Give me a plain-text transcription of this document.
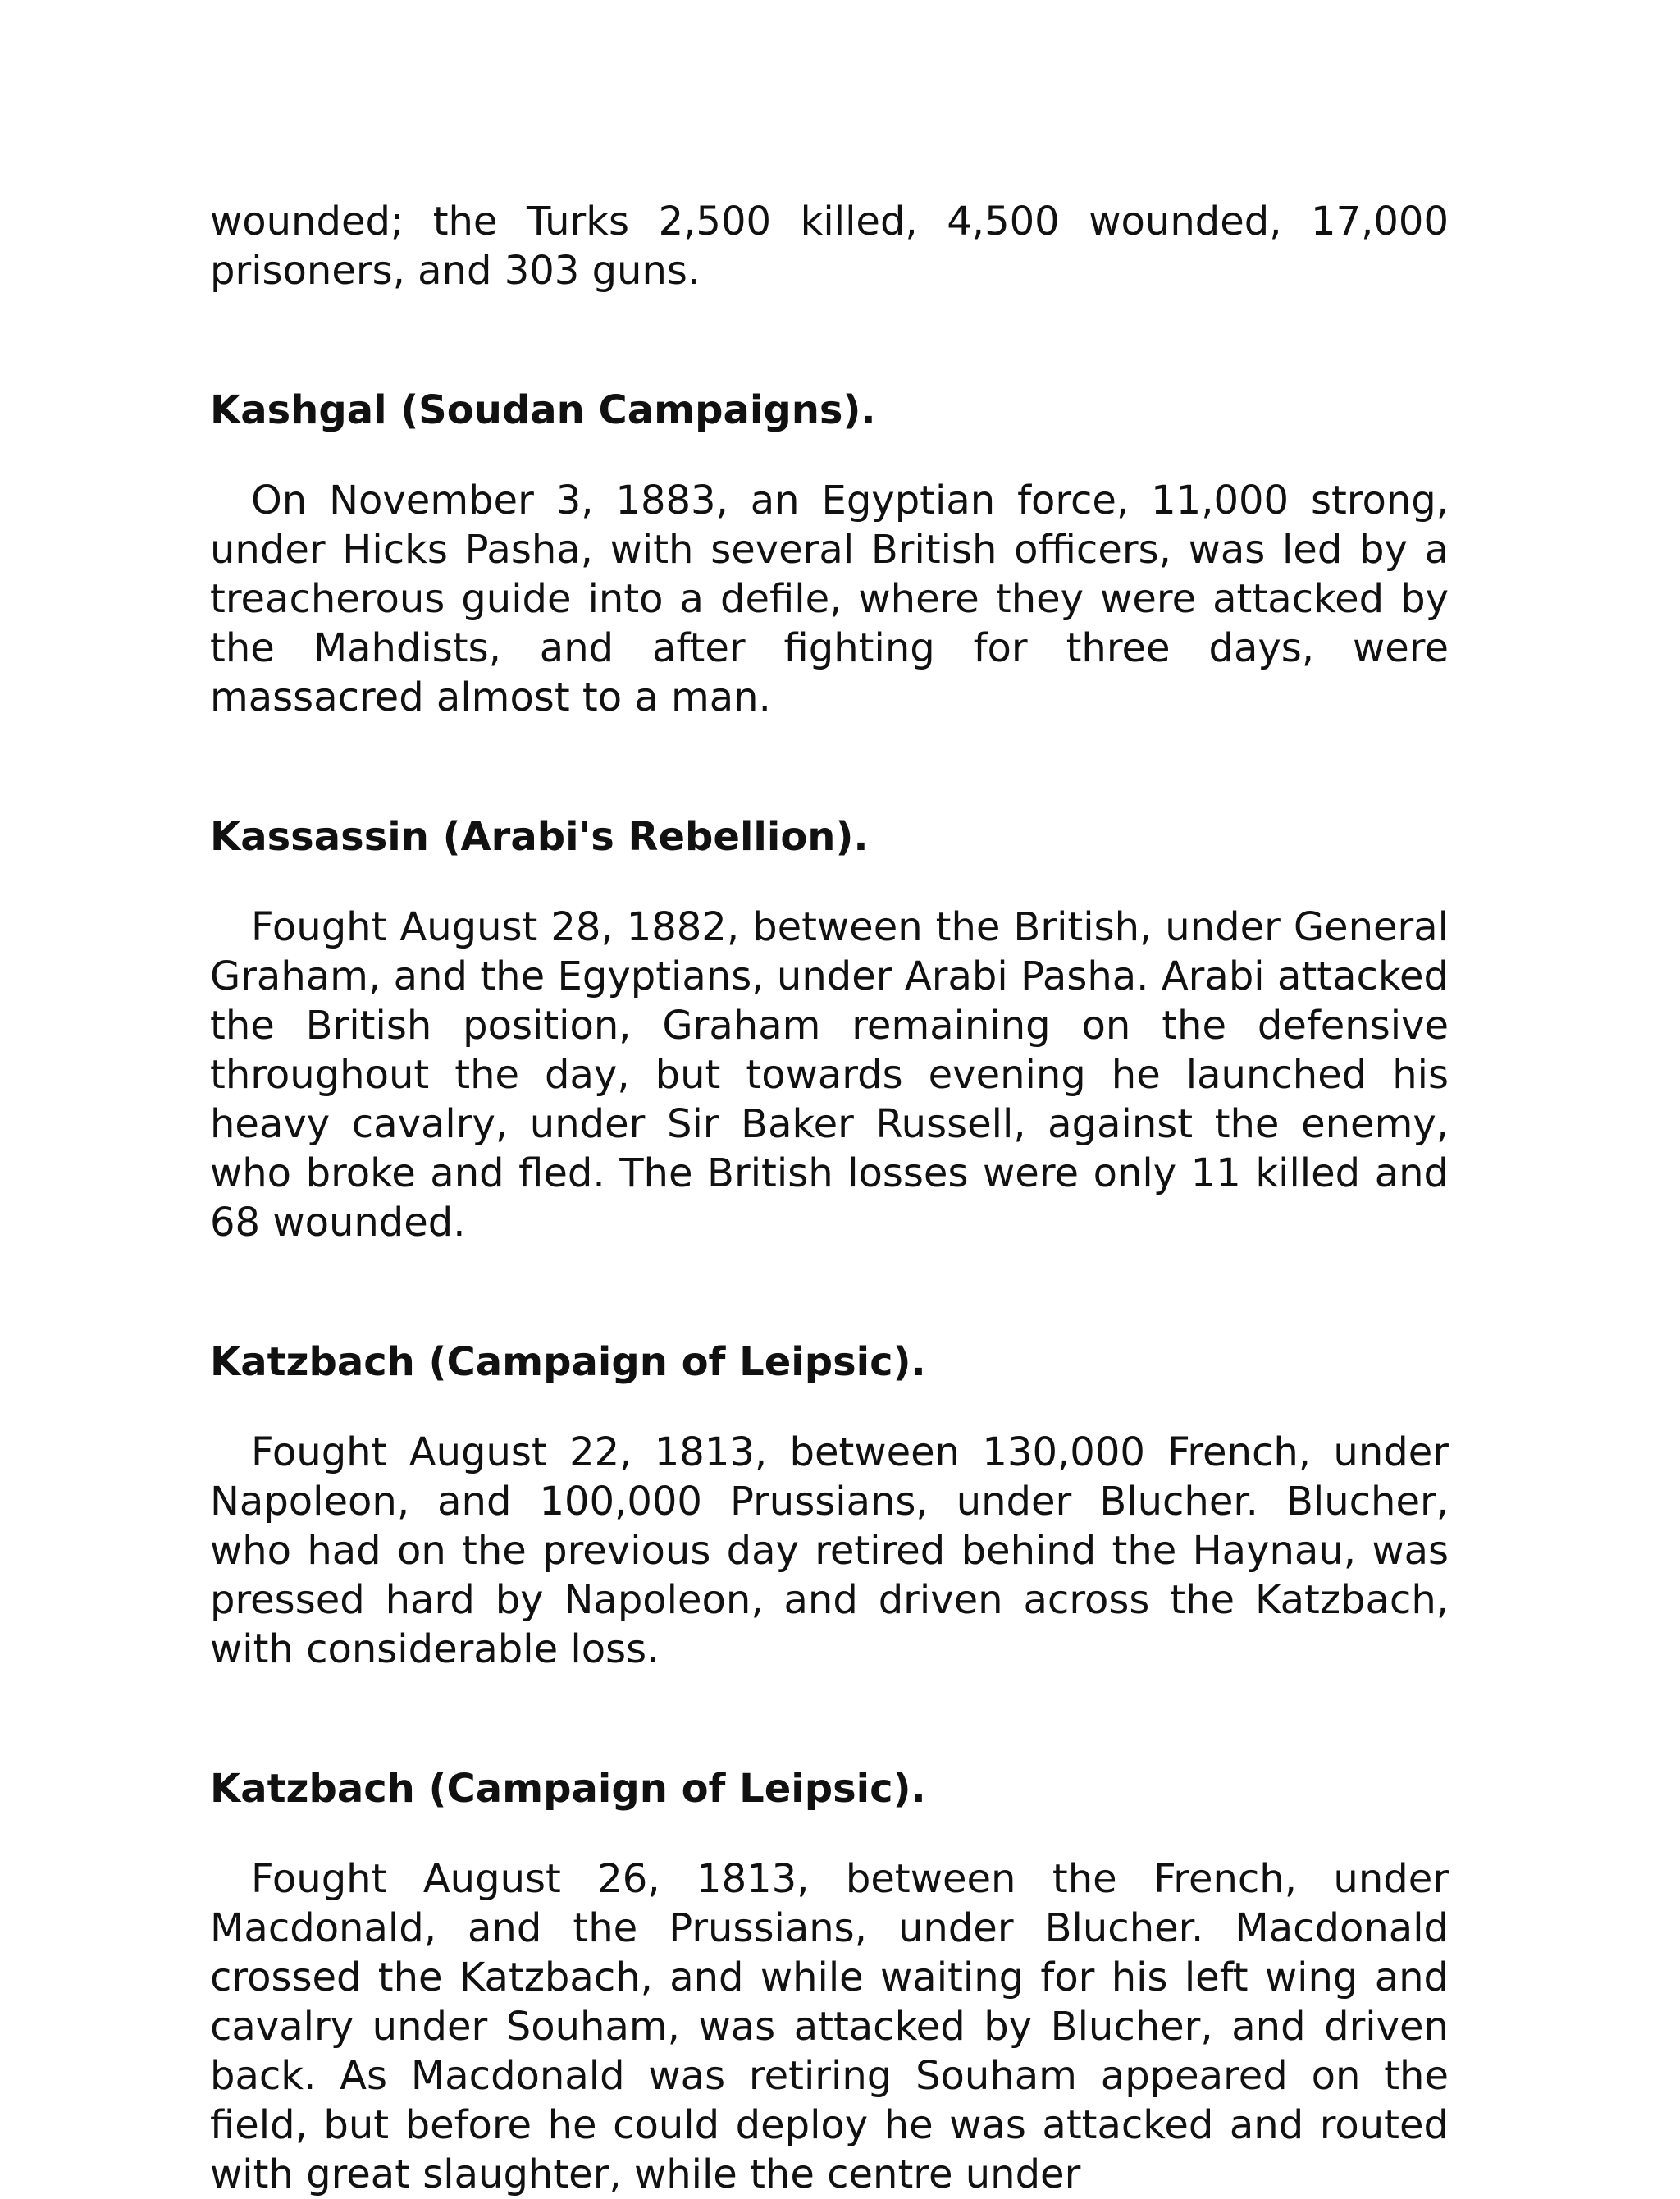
wounded; the Turks 2,500 killed, 4,500 wounded, 17,000 prisoners, and 303 guns.

Kashgal (Soudan Campaigns).

On November 3, 1883, an Egyptian force, 11,000 strong, under Hicks Pasha, with several British officers, was led by a treacherous guide into a defile, where they were attacked by the Mahdists, and after fighting for three days, were massacred almost to a man.

Kassassin (Arabi's Rebellion).

Fought August 28, 1882, between the British, under General Graham, and the Egyptians, under Arabi Pasha. Arabi attacked the British position, Graham remaining on the defensive throughout the day, but towards evening he launched his heavy cavalry, under Sir Baker Russell, against the enemy, who broke and fled. The British losses were only 11 killed and 68 wounded.

Katzbach (Campaign of Leipsic).

Fought August 22, 1813, between 130,000 French, under Napoleon, and 100,000 Prussians, under Blucher. Blucher, who had on the previous day retired behind the Haynau, was pressed hard by Napoleon, and driven across the Katzbach, with considerable loss.

Katzbach (Campaign of Leipsic).

Fought August 26, 1813, between the French, under Macdonald, and the Prussians, under Blucher. Macdonald crossed the Katzbach, and while waiting for his left wing and cavalry under Souham, was attacked by Blucher, and driven back. As Macdonald was retiring Souham appeared on the field, but before he could deploy he was attacked and routed with great slaughter, while the centre under
